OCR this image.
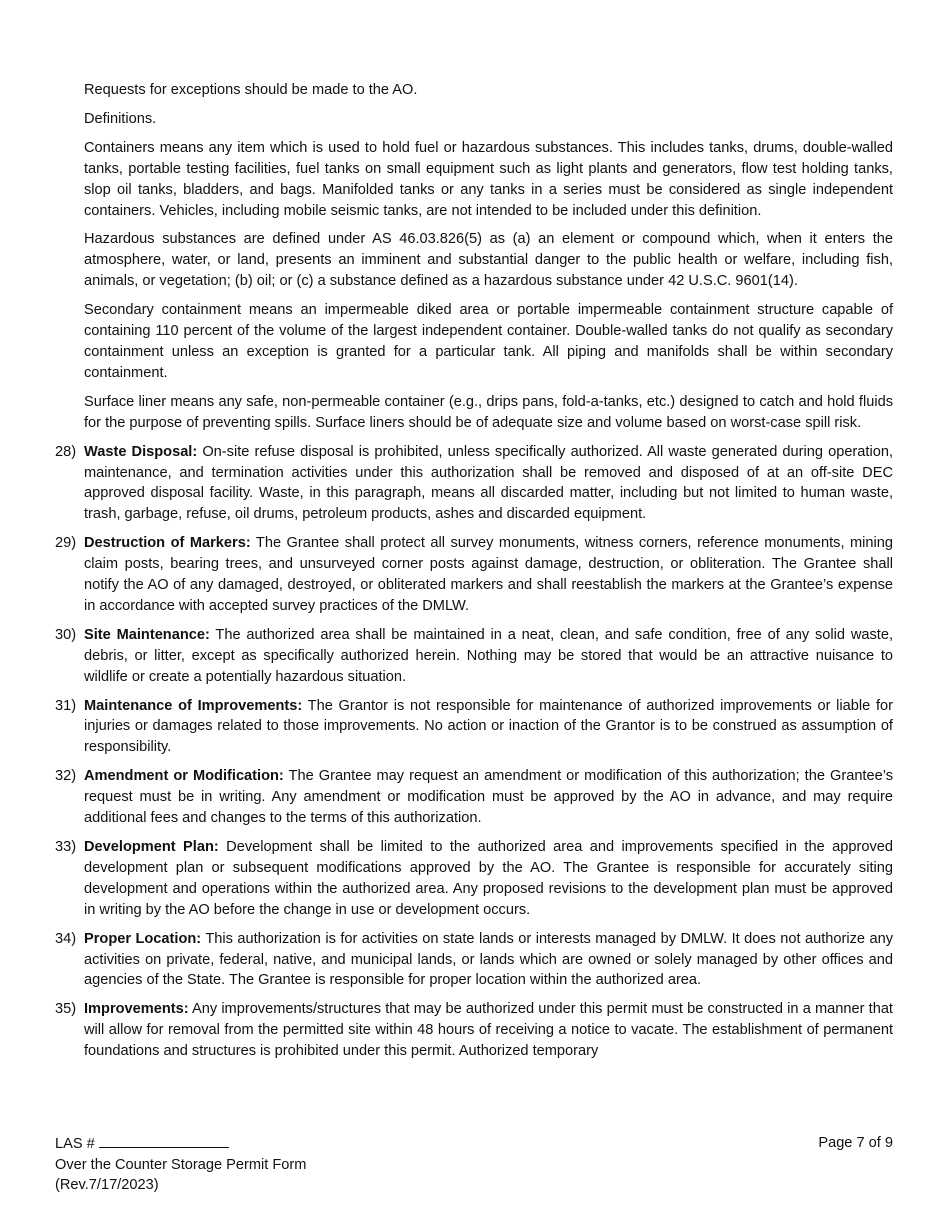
Requests for exceptions should be made to the AO.

Definitions.

Containers means any item which is used to hold fuel or hazardous substances. This includes tanks, drums, double-walled tanks, portable testing facilities, fuel tanks on small equipment such as light plants and generators, flow test holding tanks, slop oil tanks, bladders, and bags. Manifolded tanks or any tanks in a series must be considered as single independent containers. Vehicles, including mobile seismic tanks, are not intended to be included under this definition.

Hazardous substances are defined under AS 46.03.826(5) as (a) an element or compound which, when it enters the atmosphere, water, or land, presents an imminent and substantial danger to the public health or welfare, including fish, animals, or vegetation; (b) oil; or (c) a substance defined as a hazardous substance under 42 U.S.C. 9601(14).

Secondary containment means an impermeable diked area or portable impermeable containment structure capable of containing 110 percent of the volume of the largest independent container. Double-walled tanks do not qualify as secondary containment unless an exception is granted for a particular tank. All piping and manifolds shall be within secondary containment.

Surface liner means any safe, non-permeable container (e.g., drips pans, fold-a-tanks, etc.) designed to catch and hold fluids for the purpose of preventing spills. Surface liners should be of adequate size and volume based on worst-case spill risk.

28) Waste Disposal: On-site refuse disposal is prohibited, unless specifically authorized. All waste generated during operation, maintenance, and termination activities under this authorization shall be removed and disposed of at an off-site DEC approved disposal facility. Waste, in this paragraph, means all discarded matter, including but not limited to human waste, trash, garbage, refuse, oil drums, petroleum products, ashes and discarded equipment.

29) Destruction of Markers: The Grantee shall protect all survey monuments, witness corners, reference monuments, mining claim posts, bearing trees, and unsurveyed corner posts against damage, destruction, or obliteration. The Grantee shall notify the AO of any damaged, destroyed, or obliterated markers and shall reestablish the markers at the Grantee’s expense in accordance with accepted survey practices of the DMLW.

30) Site Maintenance: The authorized area shall be maintained in a neat, clean, and safe condition, free of any solid waste, debris, or litter, except as specifically authorized herein. Nothing may be stored that would be an attractive nuisance to wildlife or create a potentially hazardous situation.

31) Maintenance of Improvements: The Grantor is not responsible for maintenance of authorized improvements or liable for injuries or damages related to those improvements. No action or inaction of the Grantor is to be construed as assumption of responsibility.

32) Amendment or Modification: The Grantee may request an amendment or modification of this authorization; the Grantee’s request must be in writing. Any amendment or modification must be approved by the AO in advance, and may require additional fees and changes to the terms of this authorization.

33) Development Plan: Development shall be limited to the authorized area and improvements specified in the approved development plan or subsequent modifications approved by the AO. The Grantee is responsible for accurately siting development and operations within the authorized area. Any proposed revisions to the development plan must be approved in writing by the AO before the change in use or development occurs.

34) Proper Location: This authorization is for activities on state lands or interests managed by DMLW. It does not authorize any activities on private, federal, native, and municipal lands, or lands which are owned or solely managed by other offices and agencies of the State. The Grantee is responsible for proper location within the authorized area.

35) Improvements: Any improvements/structures that may be authorized under this permit must be constructed in a manner that will allow for removal from the permitted site within 48 hours of receiving a notice to vacate. The establishment of permanent foundations and structures is prohibited under this permit. Authorized temporary

LAS #
Over the Counter Storage Permit Form
(Rev.7/17/2023)
Page 7 of 9
